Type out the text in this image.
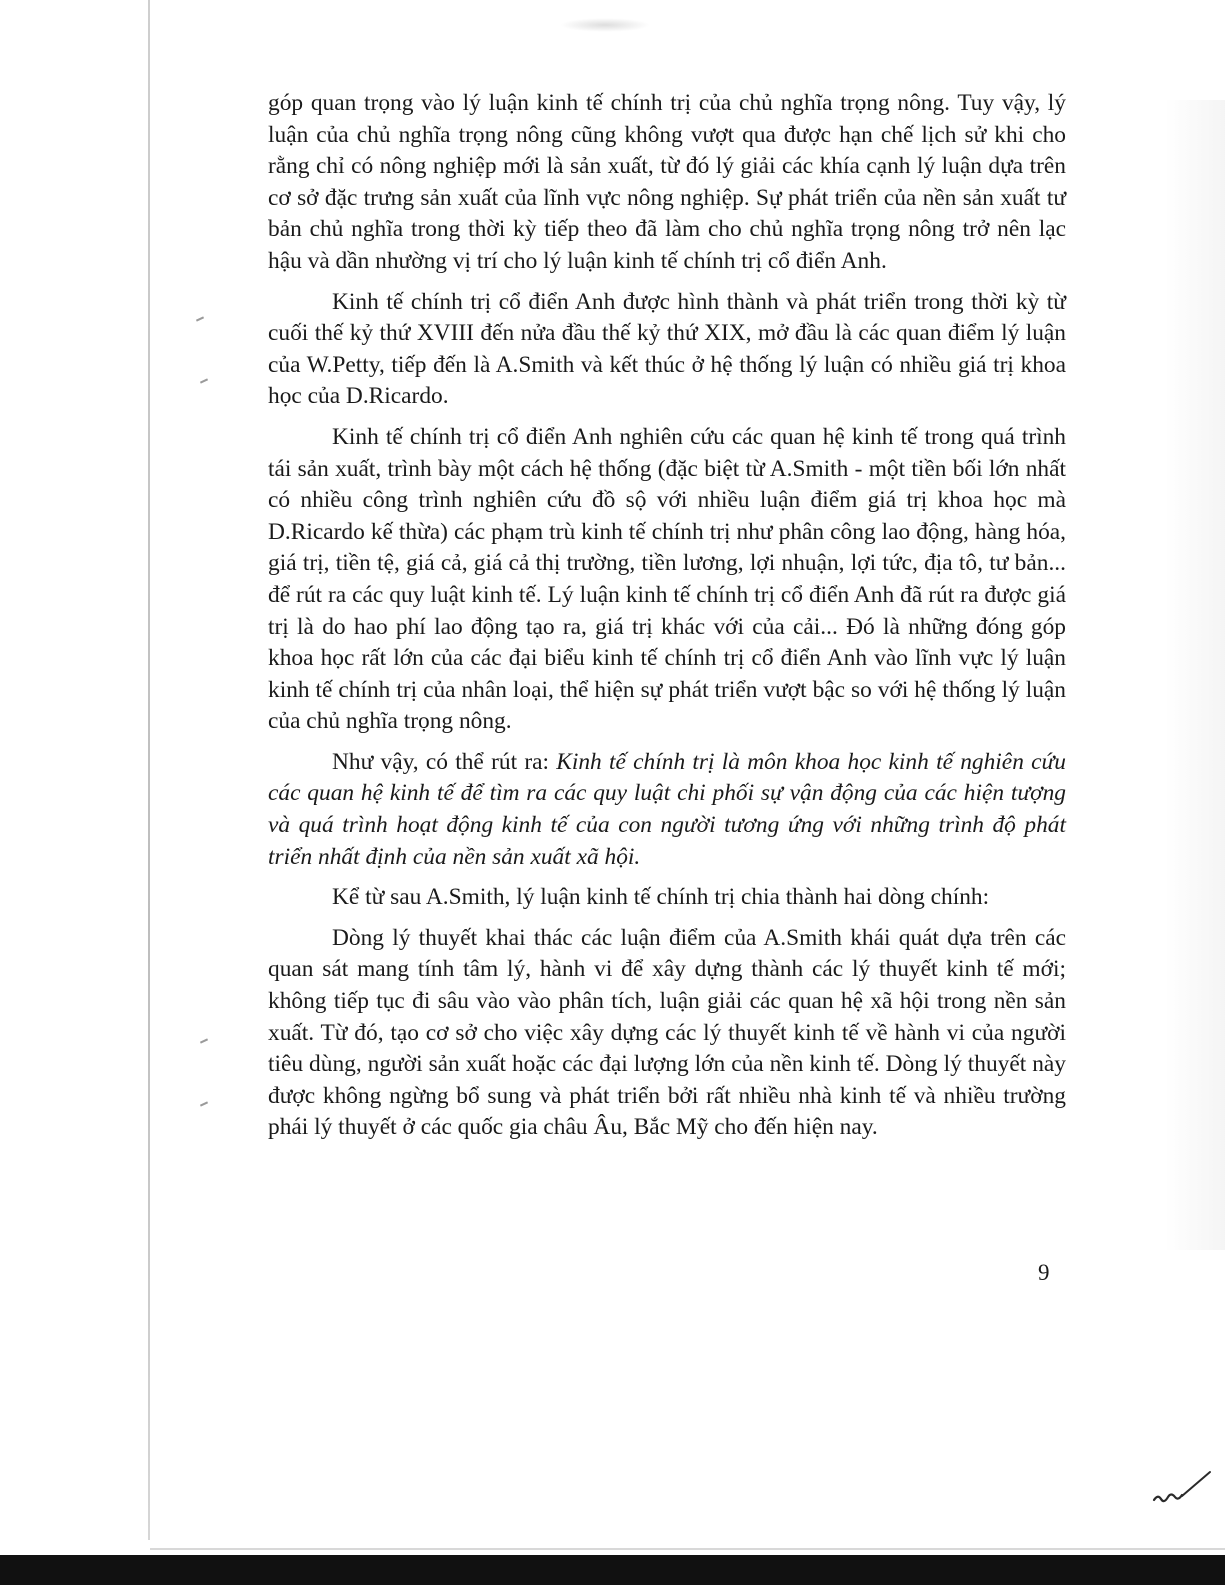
góp quan trọng vào lý luận kinh tế chính trị của chủ nghĩa trọng nông. Tuy vậy, lý luận của chủ nghĩa trọng nông cũng không vượt qua được hạn chế lịch sử khi cho rằng chỉ có nông nghiệp mới là sản xuất, từ đó lý giải các khía cạnh lý luận dựa trên cơ sở đặc trưng sản xuất của lĩnh vực nông nghiệp. Sự phát triển của nền sản xuất tư bản chủ nghĩa trong thời kỳ tiếp theo đã làm cho chủ nghĩa trọng nông trở nên lạc hậu và dần nhường vị trí cho lý luận kinh tế chính trị cổ điển Anh.

Kinh tế chính trị cổ điển Anh được hình thành và phát triển trong thời kỳ từ cuối thế kỷ thứ XVIII đến nửa đầu thế kỷ thứ XIX, mở đầu là các quan điểm lý luận của W.Petty, tiếp đến là A.Smith và kết thúc ở hệ thống lý luận có nhiều giá trị khoa học của D.Ricardo.

Kinh tế chính trị cổ điển Anh nghiên cứu các quan hệ kinh tế trong quá trình tái sản xuất, trình bày một cách hệ thống (đặc biệt từ A.Smith - một tiền bối lớn nhất có nhiều công trình nghiên cứu đồ sộ với nhiều luận điểm giá trị khoa học mà D.Ricardo kế thừa) các phạm trù kinh tế chính trị như phân công lao động, hàng hóa, giá trị, tiền tệ, giá cả, giá cả thị trường, tiền lương, lợi nhuận, lợi tức, địa tô, tư bản... để rút ra các quy luật kinh tế. Lý luận kinh tế chính trị cổ điển Anh đã rút ra được giá trị là do hao phí lao động tạo ra, giá trị khác với của cải... Đó là những đóng góp khoa học rất lớn của các đại biểu kinh tế chính trị cổ điển Anh vào lĩnh vực lý luận kinh tế chính trị của nhân loại, thể hiện sự phát triển vượt bậc so với hệ thống lý luận của chủ nghĩa trọng nông.

Như vậy, có thể rút ra: Kinh tế chính trị là môn khoa học kinh tế nghiên cứu các quan hệ kinh tế để tìm ra các quy luật chi phối sự vận động của các hiện tượng và quá trình hoạt động kinh tế của con người tương ứng với những trình độ phát triển nhất định của nền sản xuất xã hội.

Kể từ sau A.Smith, lý luận kinh tế chính trị chia thành hai dòng chính:

Dòng lý thuyết khai thác các luận điểm của A.Smith khái quát dựa trên các quan sát mang tính tâm lý, hành vi để xây dựng thành các lý thuyết kinh tế mới; không tiếp tục đi sâu vào vào phân tích, luận giải các quan hệ xã hội trong nền sản xuất. Từ đó, tạo cơ sở cho việc xây dựng các lý thuyết kinh tế về hành vi của người tiêu dùng, người sản xuất hoặc các đại lượng lớn của nền kinh tế. Dòng lý thuyết này được không ngừng bổ sung và phát triển bởi rất nhiều nhà kinh tế và nhiều trường phái lý thuyết ở các quốc gia châu Âu, Bắc Mỹ cho đến hiện nay.

9
